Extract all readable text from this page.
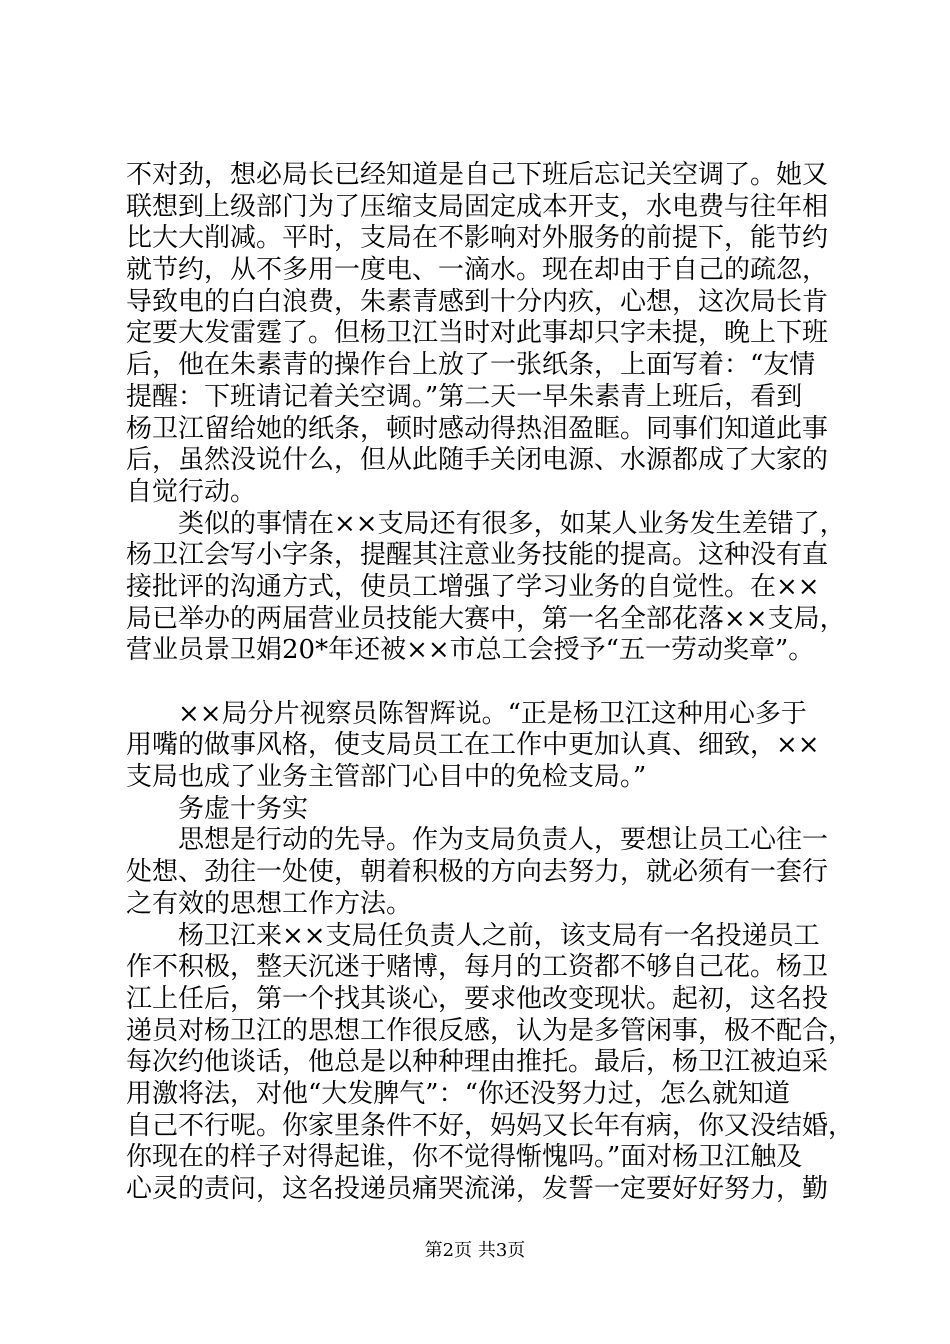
不对劲，想必局长已经知道是自己下班后忘记关空调了。她又
联想到上级部门为了压缩支局固定成本开支，水电费与往年相
比大大削减。平时，支局在不影响对外服务的前提下，能节约
就节约，从不多用一度电、一滴水。现在却由于自己的疏忽，
导致电的白白浪费，朱素青感到十分内疚，心想，这次局长肯
定要大发雷霆了。但杨卫江当时对此事却只字未提，晚上下班
后，他在朱素青的操作台上放了一张纸条，上面写着：“友情
提醒：下班请记着关空调。”第二天一早朱素青上班后，看到
杨卫江留给她的纸条，顿时感动得热泪盈眶。同事们知道此事
后，虽然没说什么，但从此随手关闭电源、水源都成了大家的
自觉行动。
类似的事情在××支局还有很多，如某人业务发生差错了，
杨卫江会写小字条，提醒其注意业务技能的提高。这种没有直
接批评的沟通方式，使员工增强了学习业务的自觉性。在××
局已举办的两届营业员技能大赛中，第一名全部花落××支局，
营业员景卫娟20*年还被××市总工会授予“五一劳动奖章”。
××局分片视察员陈智辉说。“正是杨卫江这种用心多于
用嘴的做事风格，使支局员工在工作中更加认真、细致，××
支局也成了业务主管部门心目中的免检支局。”
务虚十务实
思想是行动的先导。作为支局负责人，要想让员工心往一
处想、劲往一处使，朝着积极的方向去努力，就必须有一套行
之有效的思想工作方法。
杨卫江来××支局任负责人之前，该支局有一名投递员工
作不积极，整天沉迷于赌博，每月的工资都不够自己花。杨卫
江上任后，第一个找其谈心，要求他改变现状。起初，这名投
递员对杨卫江的思想工作很反感，认为是多管闲事，极不配合，
每次约他谈话，他总是以种种理由推托。最后，杨卫江被迫采
用激将法，对他“大发脾气”：“你还没努力过，怎么就知道
自己不行呢。你家里条件不好，妈妈又长年有病，你又没结婚，
你现在的样子对得起谁，你不觉得惭愧吗。”面对杨卫江触及
心灵的责问，这名投递员痛哭流涕，发誓一定要好好努力，勤
第2页 共3页
